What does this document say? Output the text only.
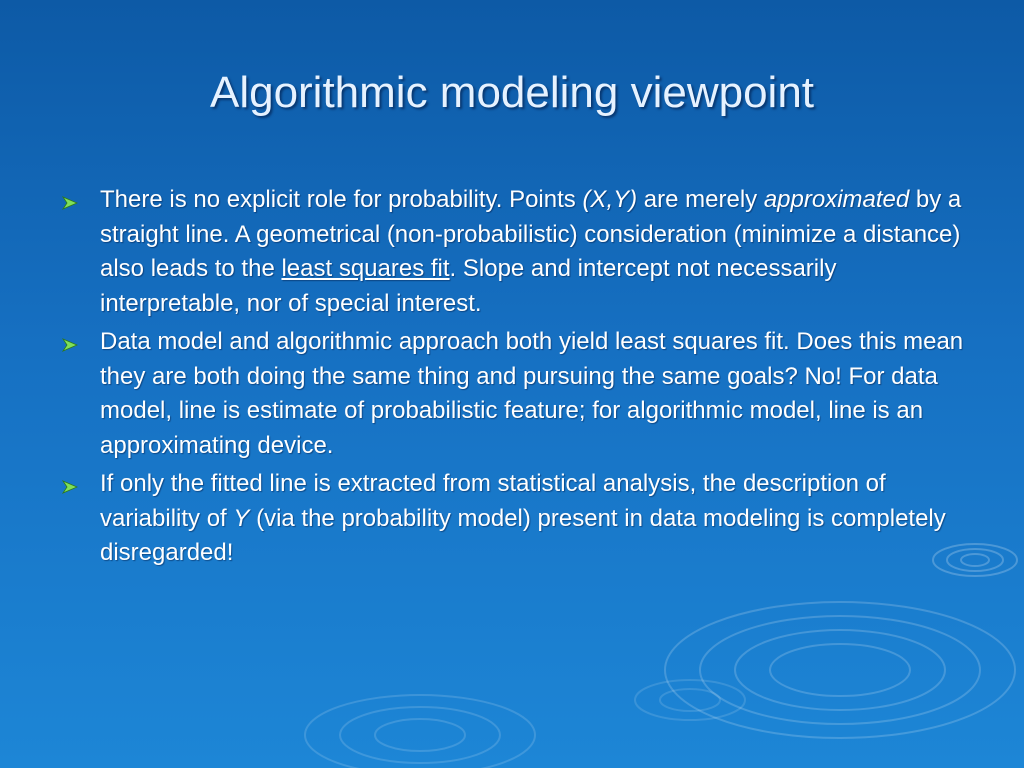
Algorithmic modeling viewpoint
There is no explicit role for probability. Points (X,Y) are merely approximated by a straight line. A geometrical (non-probabilistic) consideration (minimize a distance) also leads to the least squares fit. Slope and intercept not necessarily interpretable, nor of special interest.
Data model and algorithmic approach both yield least squares fit. Does this mean they are both doing the same thing and pursuing the same goals? No! For data model, line is estimate of probabilistic feature; for algorithmic model, line is an approximating device.
If only the fitted line is extracted from statistical analysis, the description of variability of Y (via the probability model) present in data modeling is completely disregarded!
